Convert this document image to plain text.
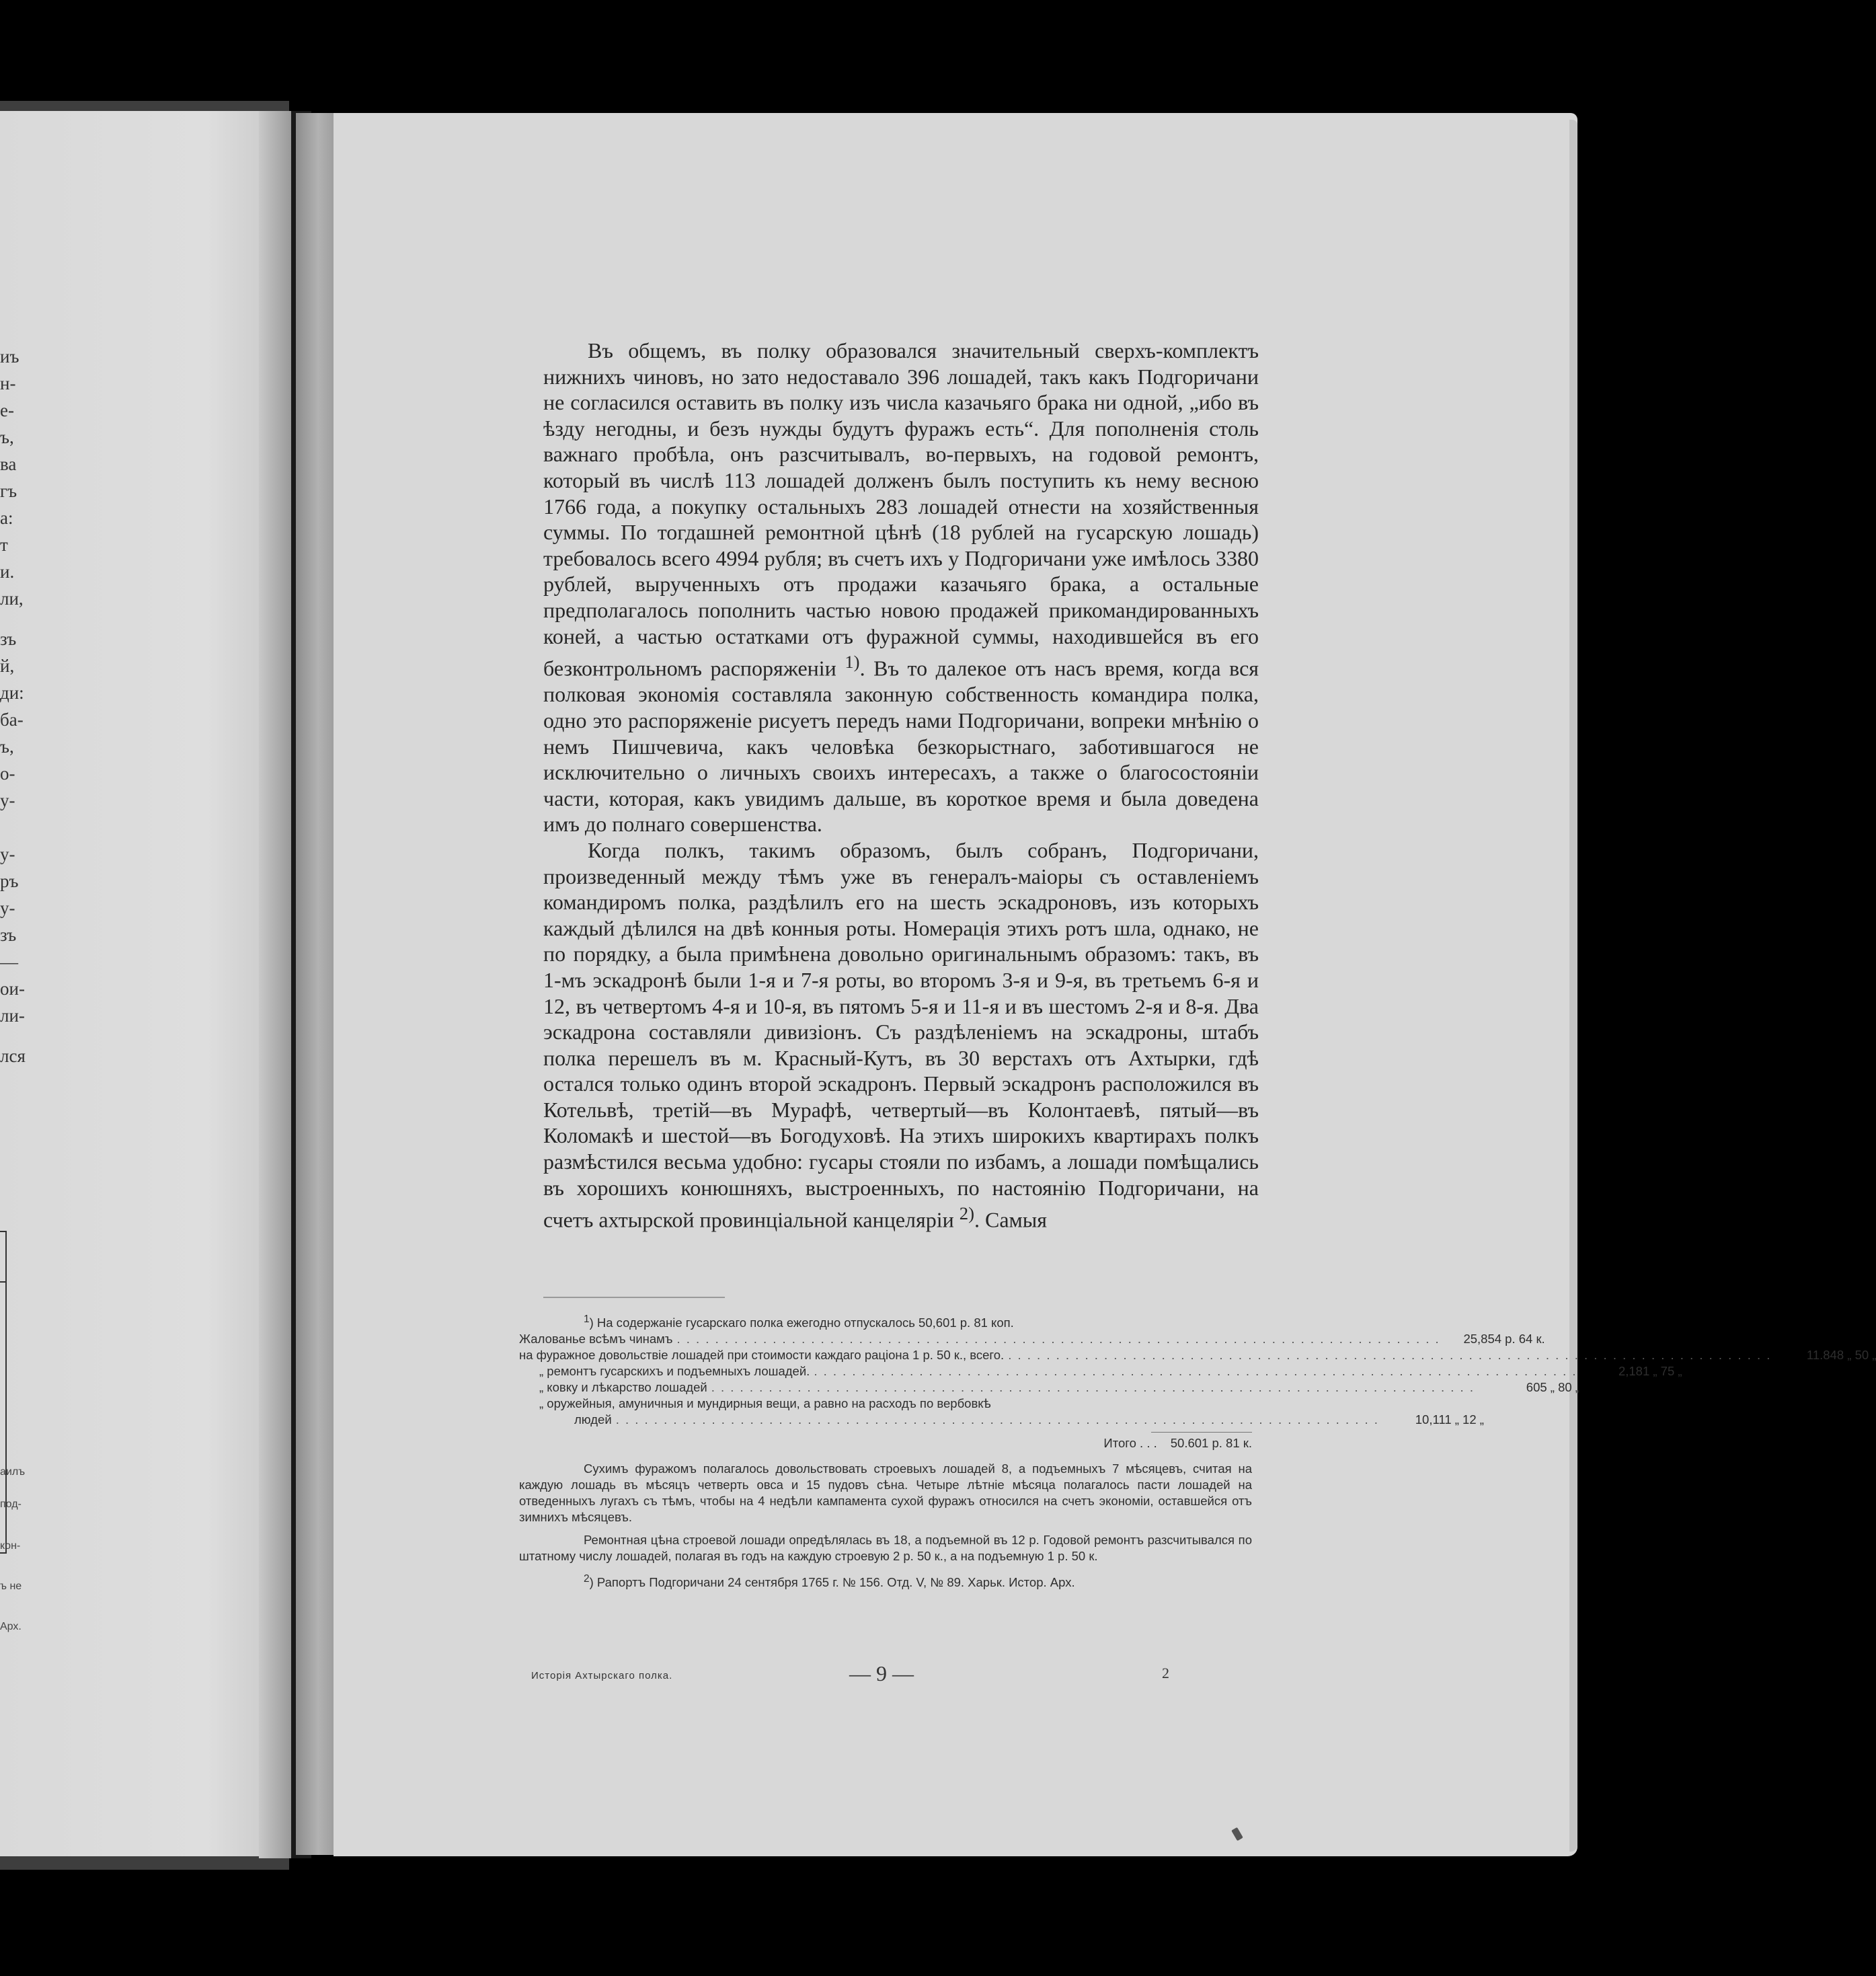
иъ
н-
е-
ъ,
ва
гъ
а:
т
и.
ли,
зъ
й,
ди:
ба-
ъ,
о-
у-
у-
ръ
у-
зъ
—
ои-
ли-
лся
аилъ
под-
кон-
ъ не
Арх.

Въ общемъ, въ полку образовался значительный сверхъ-комплектъ нижнихъ чиновъ, но зато недоставало 396 лошадей, такъ какъ Подгоричани не согласился оставить въ полку изъ числа казачьяго брака ни одной, „ибо въ ѣзду негодны, и безъ нужды будутъ фуражъ есть“. Для пополненія столь важнаго пробѣла, онъ разсчитывалъ, во-первыхъ, на годовой ремонтъ, который въ числѣ 113 лошадей долженъ былъ поступить къ нему весною 1766 года, а покупку остальныхъ 283 лошадей отнести на хозяйственныя суммы. По тогдашней ремонтной цѣнѣ (18 рублей на гусарскую лошадь) требовалось всего 4994 рубля; въ счетъ ихъ у Подгоричани уже имѣлось 3380 рублей, вырученныхъ отъ продажи казачьяго брака, а остальные предполагалось пополнить частью новою продажей прикомандированныхъ коней, а частью остатками отъ фуражной суммы, находившейся въ его безконтрольномъ распоряженіи $^{1)}$. Въ то далекое отъ насъ время, когда вся полковая экономія составляла законную собственность командира полка, одно это распоряженіе рисуетъ передъ нами Подгоричани, вопреки мнѣнію о немъ Пишчевича, какъ человѣка безкорыстнаго, заботившагося не исключительно о личныхъ своихъ интересахъ, а также о благосостояніи части, которая, какъ увидимъ дальше, въ короткое время и была доведена имъ до полнаго совершенства.

Когда полкъ, такимъ образомъ, былъ собранъ, Подгоричани, произведенный между тѣмъ уже въ генералъ-маіоры съ оставленіемъ командиромъ полка, раздѣлилъ его на шесть эскадроновъ, изъ которыхъ каждый дѣлился на двѣ конныя роты. Номерація этихъ ротъ шла, однако, не по порядку, а была примѣнена довольно оригинальнымъ образомъ: такъ, въ 1-мъ эскадронѣ были 1-я и 7-я роты, во второмъ 3-я и 9-я, въ третьемъ 6-я и 12, въ четвертомъ 4-я и 10-я, въ пятомъ 5-я и 11-я и въ шестомъ 2-я и 8-я. Два эскадрона составляли дивизіонъ. Съ раздѣленіемъ на эскадроны, штабъ полка перешелъ въ м. Красный-Кутъ, въ 30 верстахъ отъ Ахтырки, гдѣ остался только одинъ второй эскадронъ. Первый эскадронъ расположился въ Котельвѣ, третій—въ Мурафѣ, четвертый—въ Колонтаевѣ, пятый—въ Коломакѣ и шестой—въ Богодуховѣ. На этихъ широкихъ квартирахъ полкъ размѣстился весьма удобно: гусары стояли по избамъ, а лошади помѣщались въ хорошихъ конюшняхъ, выстроенныхъ, по настоянію Подгоричани, на счетъ ахтырской провинціальной канцеляріи $^{2)}$. Самыя

$^1$) На содержаніе гусарскаго полка ежегодно отпускалось 50,601 р. 81 коп.
Жалованье всѣмъ чинамъ . . . . . . . . . . . . . . . . . . . . . . . . . . . . . . . . . . . . . . . . . . . . . . . . . . . . . . . . . . . . . . . . . . . . . . . . . . . . . . . .	25,854 р. 64 к.
на фуражное довольствіе лошадей при стоимости каждаго раціона 1 р. 50 к., всего. . . . . . . . . . . . . . . . . . . . . . . . . . . . . . . . . . . . . . . . . . . . . . . . . . . . . . . . . . . . . . . . . . . . . . . . . . . . . . . . .	11.848 „ 50 „
„ ремонтъ гусарскихъ и подъемныхъ лошадей. . . . . . . . . . . . . . . . . . . . . . . . . . . . . . . . . . . . . . . . . . . . . . . . . . . . . . . . . . . . . . . . . . . . . . . . . . . . . . . . .	2,181 „ 75 „
„ ковку и лѣкарство лошадей . . . . . . . . . . . . . . . . . . . . . . . . . . . . . . . . . . . . . . . . . . . . . . . . . . . . . . . . . . . . . . . . . . . . . . . . . . . . . . . .	605 „ 80 „
„ оружейныя, амуничныя и мундирныя вещи, а равно на расходъ по вербовкѣ
людей . . . . . . . . . . . . . . . . . . . . . . . . . . . . . . . . . . . . . . . . . . . . . . . . . . . . . . . . . . . . . . . . . . . . . . . . . . . . . . . .	10,111 „ 12 „
Итого . . . 50.601 р. 81 к.
Сухимъ фуражомъ полагалось довольствовать строевыхъ лошадей 8, а подъемныхъ 7 мѣсяцевъ, считая на каждую лошадь въ мѣсяцъ четверть овса и 15 пудовъ сѣна. Четыре лѣтніе мѣсяца полагалось пасти лошадей на отведенныхъ лугахъ съ тѣмъ, чтобы на 4 недѣли кампамента сухой фуражъ относился на счетъ экономіи, оставшейся отъ зимнихъ мѣсяцевъ.
Ремонтная цѣна строевой лошади опредѣлялась въ 18, а подъемной въ 12 р. Годовой ремонтъ разсчитывался по штатному числу лошадей, полагая въ годъ на каждую строевую 2 р. 50 к., а на подъемную 1 р. 50 к.
$^2$) Рапортъ Подгоричани 24 сентября 1765 г. № 156. Отд. V, № 89. Харьк. Истор. Арх.
Исторія Ахтырскаго полка.	— 9 —	2
